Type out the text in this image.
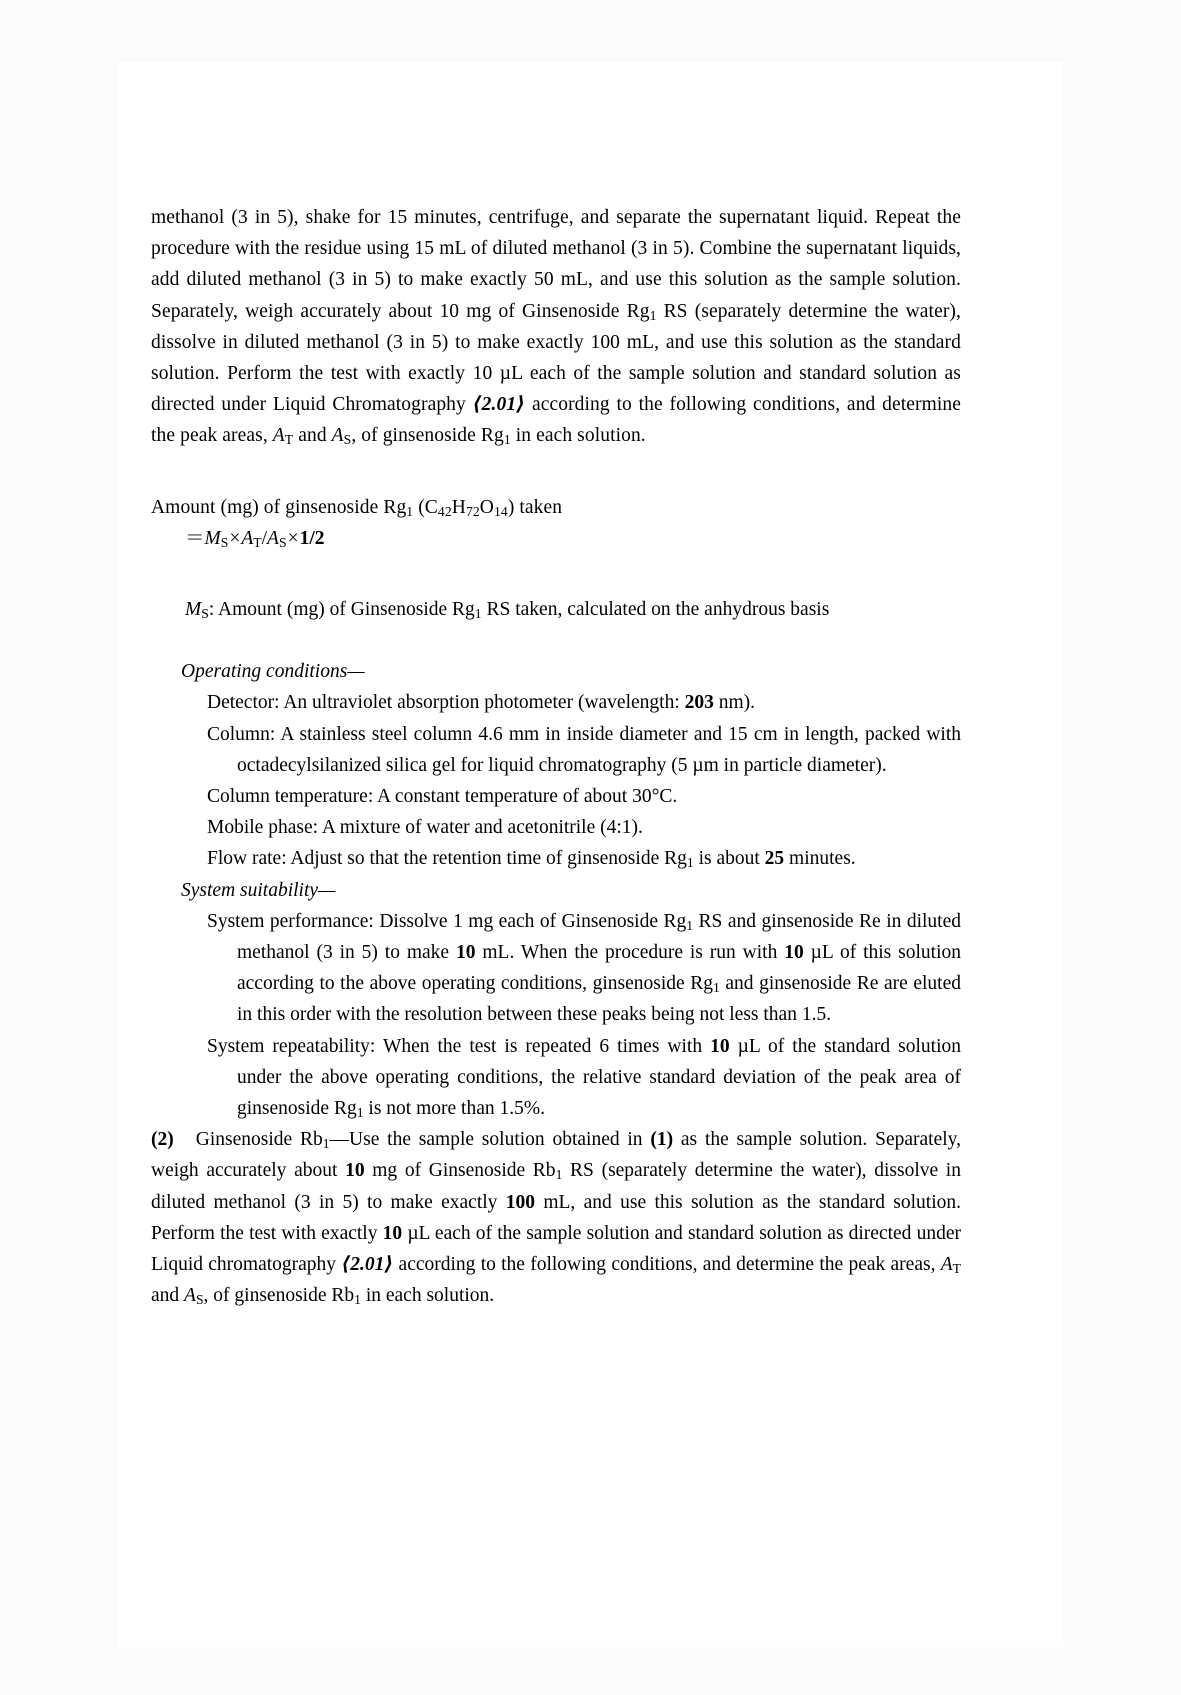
methanol (3 in 5), shake for 15 minutes, centrifuge, and separate the supernatant liquid. Repeat the procedure with the residue using 15 mL of diluted methanol (3 in 5). Combine the supernatant liquids, add diluted methanol (3 in 5) to make exactly 50 mL, and use this solution as the sample solution. Separately, weigh accurately about 10 mg of Ginsenoside $Rg_1$ RS (separately determine the water), dissolve in diluted methanol (3 in 5) to make exactly 100 mL, and use this solution as the standard solution. Perform the test with exactly 10 µL each of the sample solution and standard solution as directed under Liquid Chromatography ⟨2.01⟩ according to the following conditions, and determine the peak areas, $A_T$ and $A_S$, of ginsenoside $Rg_1$ in each solution.

Amount (mg) of ginsenoside $Rg_1$ $(C_{42}H_{72}O_{14})$ taken

$=M_S\times A_T/A_S\times 1/2$

$M_S$: Amount (mg) of Ginsenoside $Rg_1$ RS taken, calculated on the anhydrous basis

Operating conditions—

Detector: An ultraviolet absorption photometer (wavelength: 203 nm).

Column: A stainless steel column 4.6 mm in inside diameter and 15 cm in length, packed with octadecylsilanized silica gel for liquid chromatography (5 µm in particle diameter).

Column temperature: A constant temperature of about 30°C.

Mobile phase: A mixture of water and acetonitrile (4:1).

Flow rate: Adjust so that the retention time of ginsenoside $Rg_1$ is about 25 minutes.

System suitability—

System performance: Dissolve 1 mg each of Ginsenoside $Rg_1$ RS and ginsenoside Re in diluted methanol (3 in 5) to make 10 mL. When the procedure is run with 10 µL of this solution according to the above operating conditions, ginsenoside $Rg_1$ and ginsenoside Re are eluted in this order with the resolution between these peaks being not less than 1.5.

System repeatability: When the test is repeated 6 times with 10 µL of the standard solution under the above operating conditions, the relative standard deviation of the peak area of ginsenoside $Rg_1$ is not more than 1.5%.

(2) Ginsenoside $Rb_1—Use$ the sample solution obtained in (1) as the sample solution. Separately, weigh accurately about 10 mg of Ginsenoside $Rb_1$ RS (separately determine the water), dissolve in diluted methanol (3 in 5) to make exactly 100 mL, and use this solution as the standard solution. Perform the test with exactly 10 µL each of the sample solution and standard solution as directed under Liquid chromatography ⟨2.01⟩ according to the following conditions, and determine the peak areas, $A_T$ and $A_S$, of ginsenoside $Rb_1$ in each solution.
